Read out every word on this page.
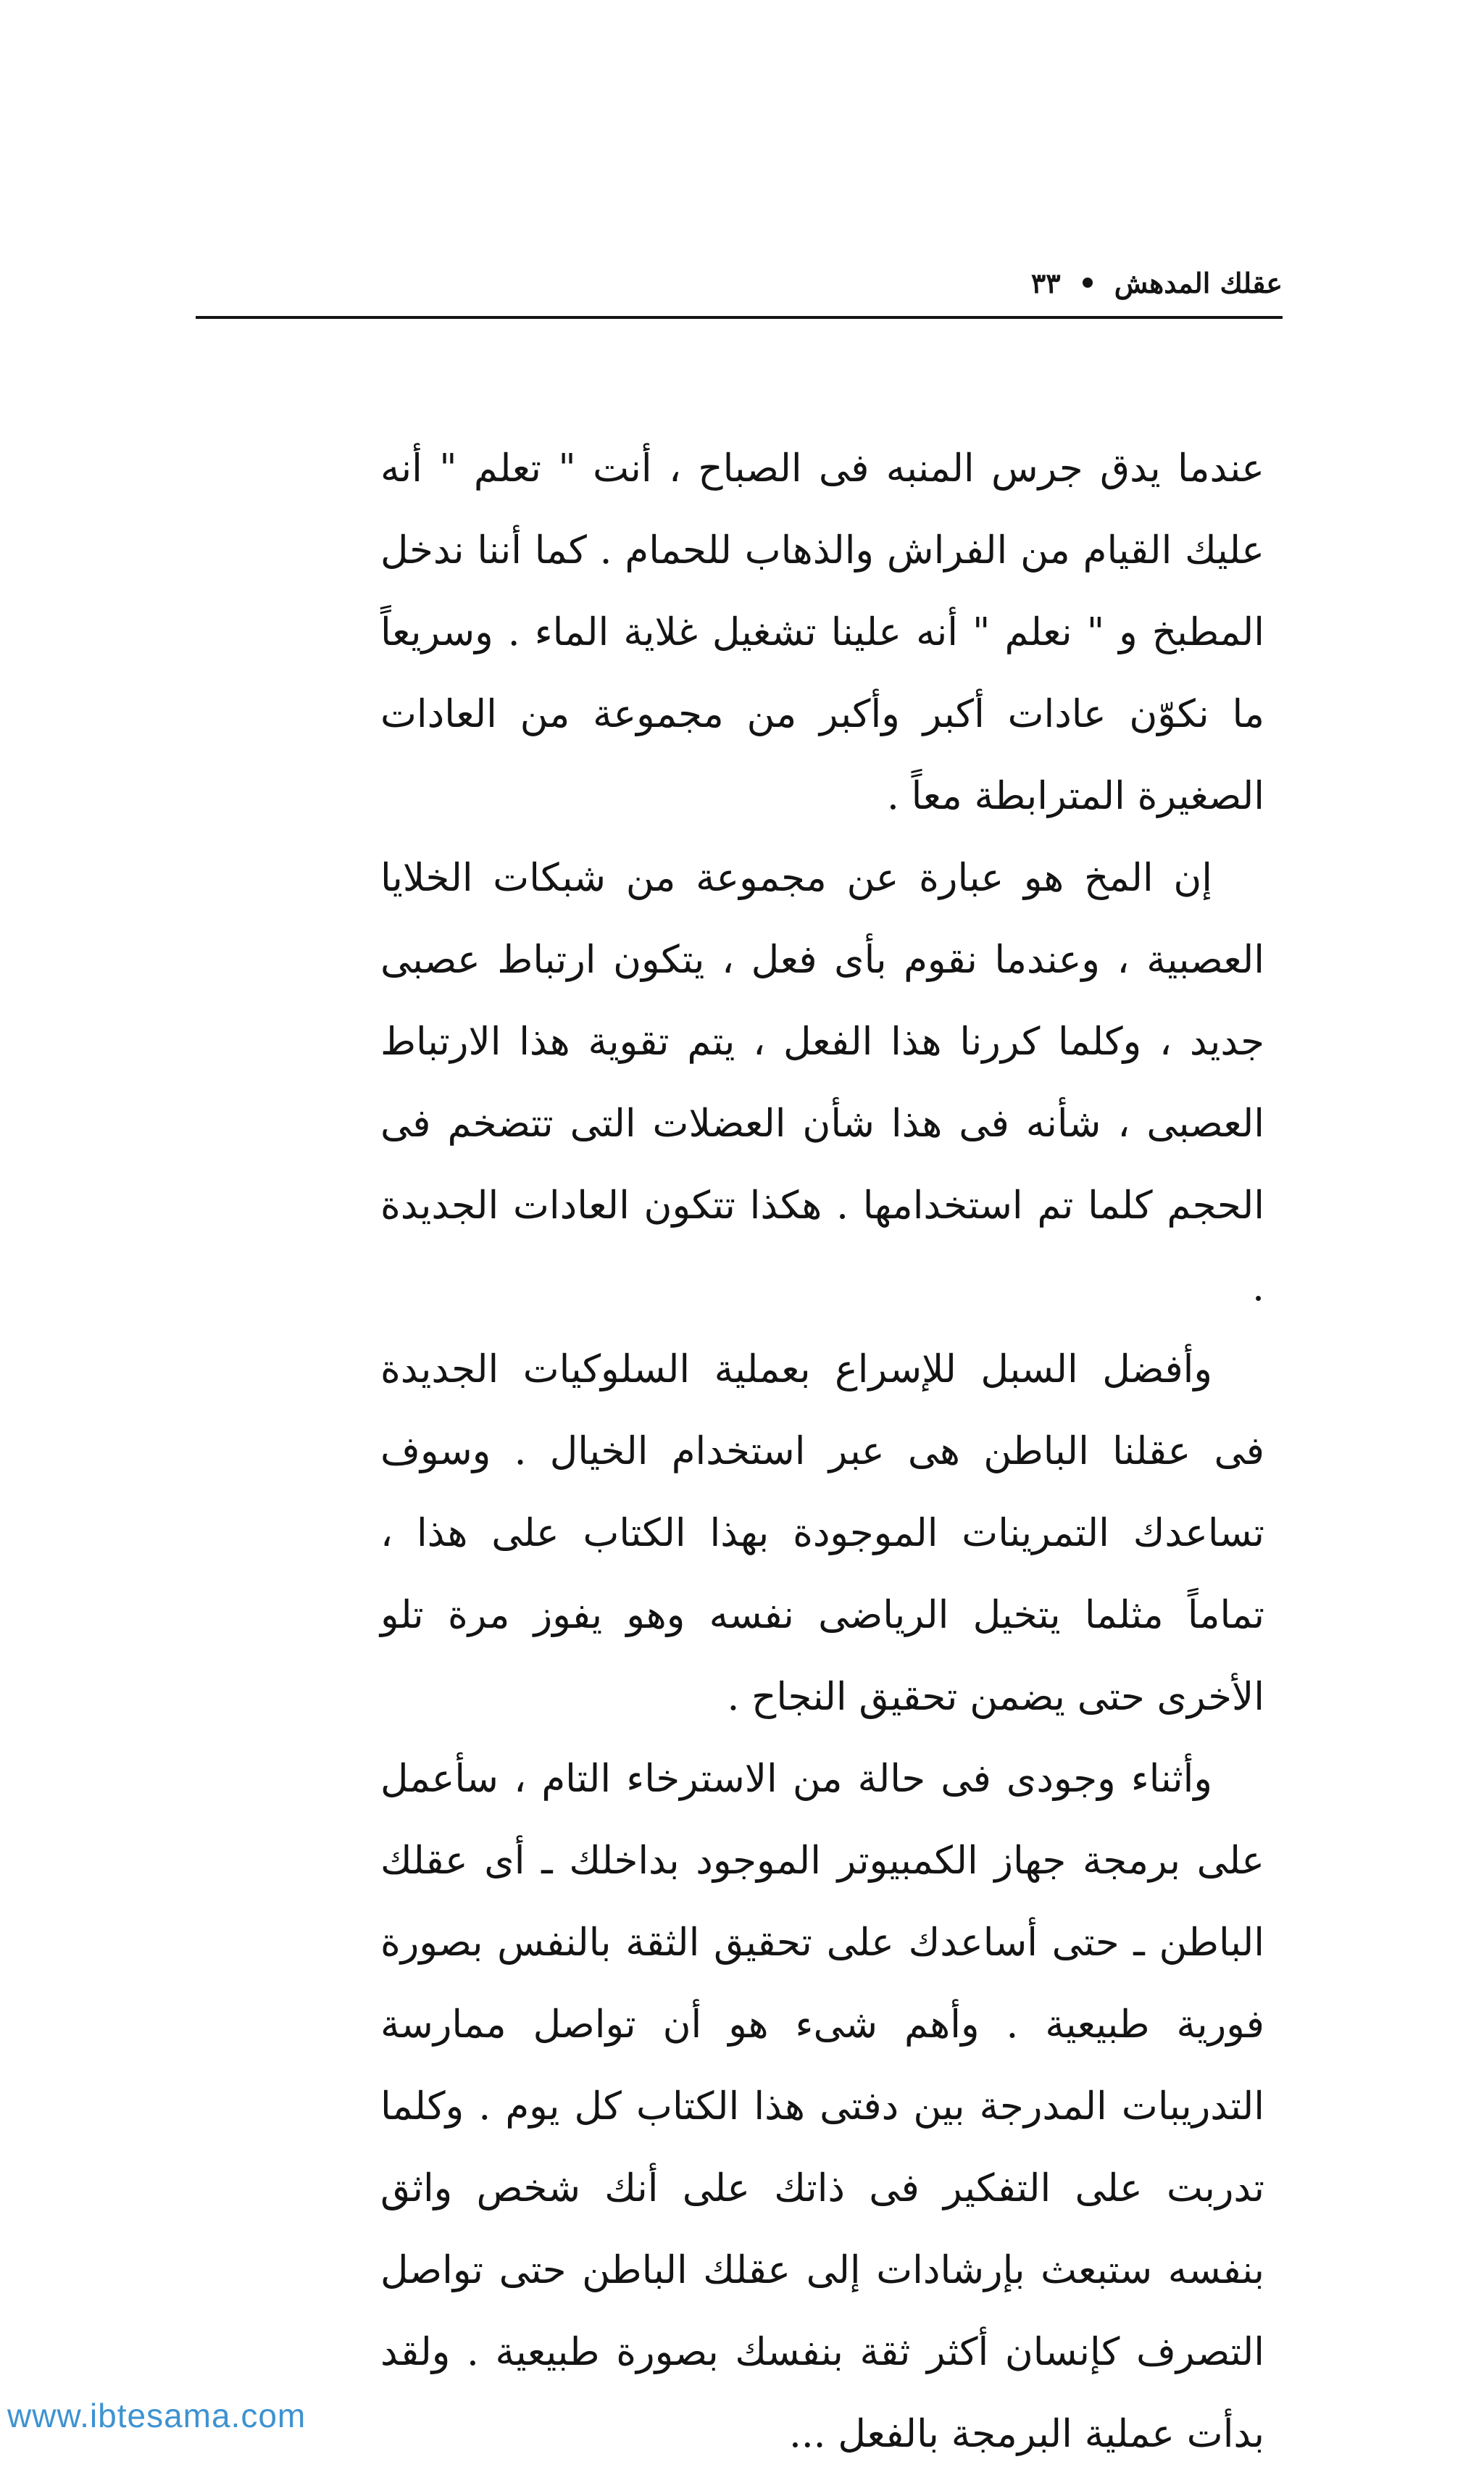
عقلك المدهش
٣٣

عندما يدق جرس المنبه فى الصباح ، أنت " تعلم " أنه عليك القيام من الفراش والذهاب للحمام . كما أننا ندخل المطبخ و " نعلم " أنه علينا تشغيل غلاية الماء . وسريعاً ما نكوّن عادات أكبر وأكبر من مجموعة من العادات الصغيرة المترابطة معاً .

إن المخ هو عبارة عن مجموعة من شبكات الخلايا العصبية ، وعندما نقوم بأى فعل ، يتكون ارتباط عصبى جديد ، وكلما كررنا هذا الفعل ، يتم تقوية هذا الارتباط العصبى ، شأنه فى هذا شأن العضلات التى تتضخم فى الحجم كلما تم استخدامها . هكذا تتكون العادات الجديدة .

وأفضل السبل للإسراع بعملية السلوكيات الجديدة فى عقلنا الباطن هى عبر استخدام الخيال . وسوف تساعدك التمرينات الموجودة بهذا الكتاب على هذا ، تماماً مثلما يتخيل الرياضى نفسه وهو يفوز مرة تلو الأخرى حتى يضمن تحقيق النجاح .

وأثناء وجودى فى حالة من الاسترخاء التام ، سأعمل على برمجة جهاز الكمبيوتر الموجود بداخلك ـ أى عقلك الباطن ـ حتى أساعدك على تحقيق الثقة بالنفس بصورة فورية طبيعية . وأهم شىء هو أن تواصل ممارسة التدريبات المدرجة بين دفتى هذا الكتاب كل يوم . وكلما تدربت على التفكير فى ذاتك على أنك شخص واثق بنفسه ستبعث بإرشادات إلى عقلك الباطن حتى تواصل التصرف كإنسان أكثر ثقة بنفسك بصورة طبيعية . ولقد بدأت عملية البرمجة بالفعل ...

www.ibtesama.com
